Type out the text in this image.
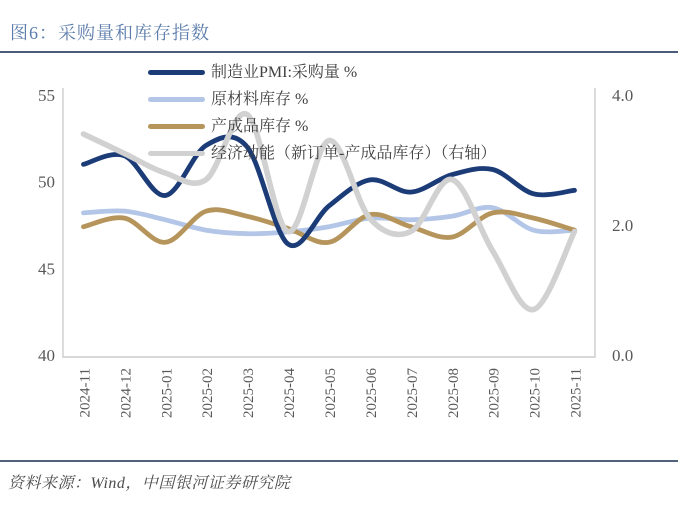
图6：采购量和库存指数
55
50
45
40
4.0
2.0
0.0
2024-11 2024-12 2025-01 2025-02 2025-03 2025-04 2025-05 2025-06 2025-07 2025-08 2025-09 2025-10 2025-11
制造业PMI:采购量 %
原材料库存 %
产成品库存 %
经济动能（新订单-产成品库存）（右轴）
资料来源：Wind，中国银河证券研究院
